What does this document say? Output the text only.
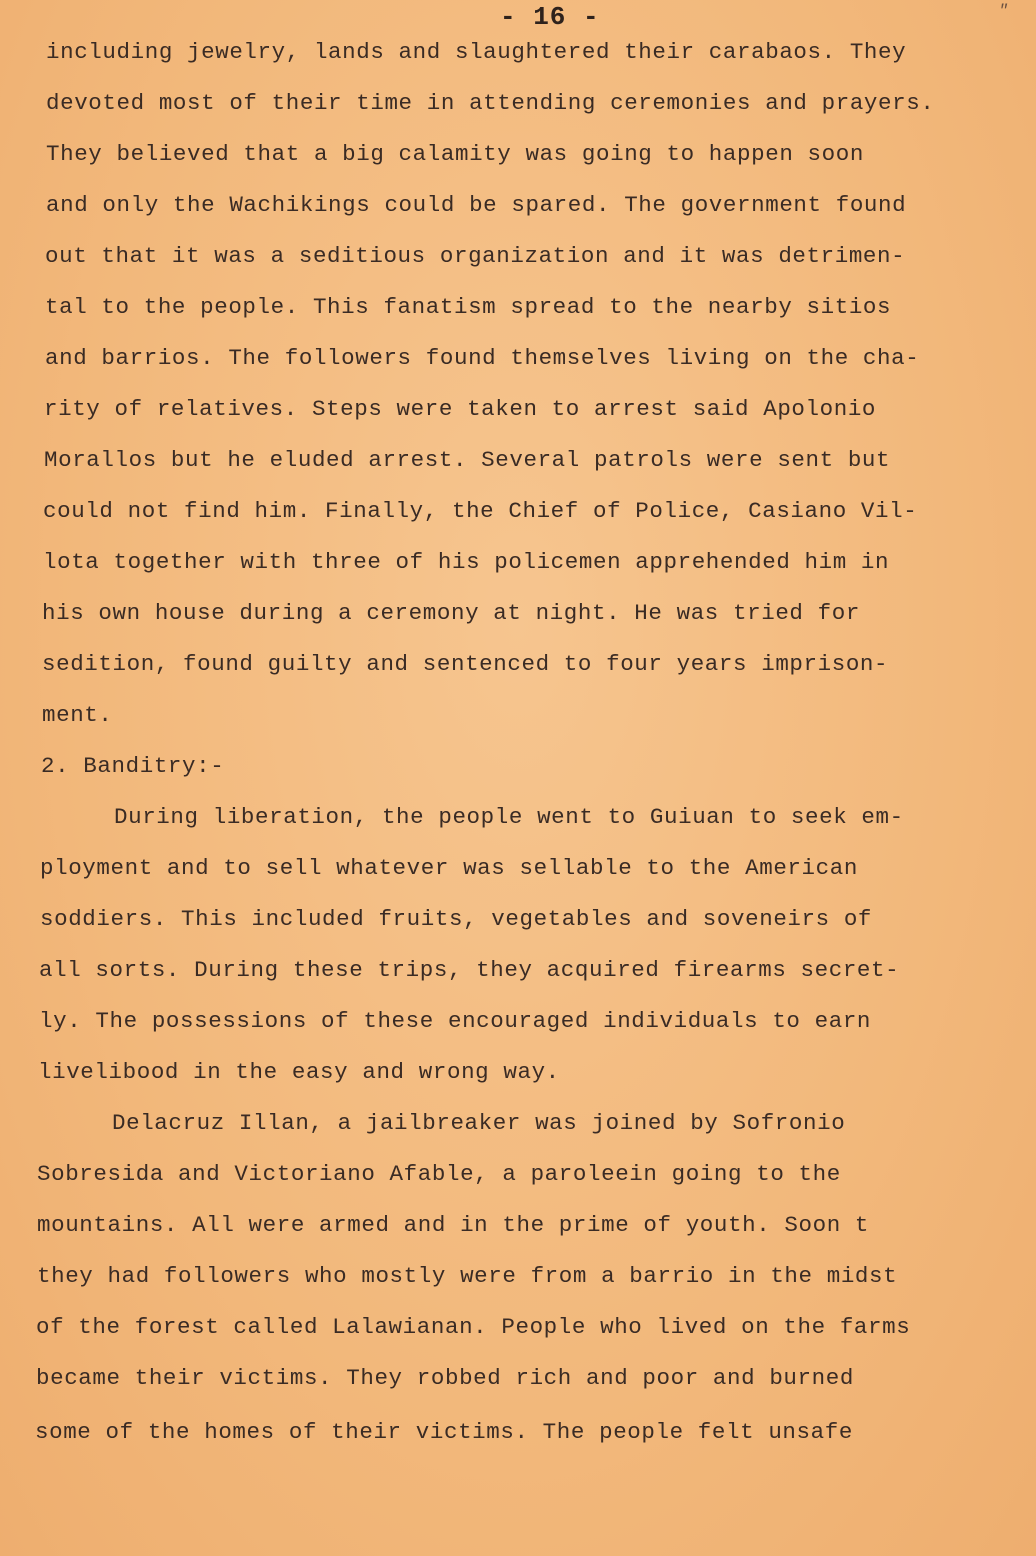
- 16 -	"
including jewelry, lands and slaughtered their carabaos. They
devoted most of their time in attending ceremonies and prayers.
They believed that a big calamity was going to happen soon
and only the Wachikings could be spared. The government found
out that it was a seditious organization and it was detrimen-
tal to the people. This fanatism spread to the nearby sitios
and barrios. The followers found themselves living on the cha-
rity of relatives. Steps were taken to arrest said Apolonio
Morallos but he eluded arrest. Several patrols were sent but
could not find him. Finally, the Chief of Police, Casiano Vil-
lota together with three of his policemen apprehended him in
his own house during a ceremony at night. He was tried for
sedition, found guilty and sentenced to four years imprison-
ment.
2. Banditry:-
During liberation, the people went to Guiuan to seek em-
ployment and to sell whatever was sellable to the American
soddiers. This included fruits, vegetables and soveneirs of
all sorts. During these trips, they acquired firearms secret-
ly. The possessions of these encouraged individuals to earn
livelibood in the easy and wrong way.
Delacruz Illan, a jailbreaker was joined by Sofronio
Sobresida and Victoriano Afable, a paroleein going to the
mountains. All were armed and in the prime of youth. Soon t
they had followers who mostly were from a barrio in the midst
of the forest called Lalawianan. People who lived on the farms
became their victims. They robbed rich and poor and burned
some of the homes of their victims. The people felt unsafe
